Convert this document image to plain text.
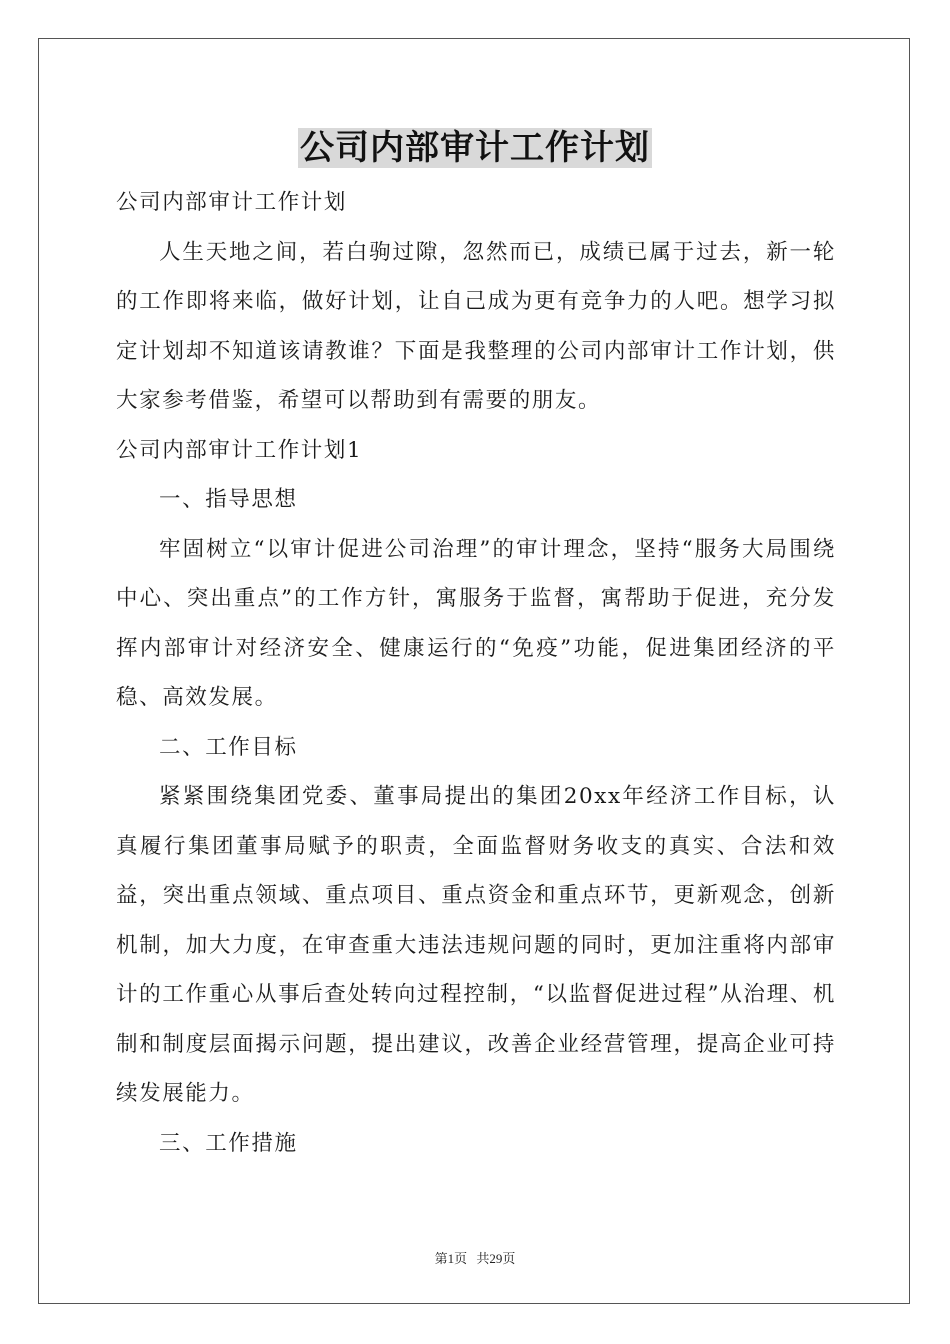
公司内部审计工作计划

公司内部审计工作计划

人生天地之间，若白驹过隙，忽然而已，成绩已属于过去，新一轮的工作即将来临，做好计划，让自己成为更有竞争力的人吧。想学习拟定计划却不知道该请教谁？下面是我整理的公司内部审计工作计划，供大家参考借鉴，希望可以帮助到有需要的朋友。

公司内部审计工作计划1

一、指导思想

牢固树立“以审计促进公司治理”的审计理念，坚持“服务大局围绕中心、突出重点”的工作方针，寓服务于监督，寓帮助于促进，充分发挥内部审计对经济安全、健康运行的“免疫”功能，促进集团经济的平稳、高效发展。

二、工作目标

紧紧围绕集团党委、董事局提出的集团20xx年经济工作目标，认真履行集团董事局赋予的职责，全面监督财务收支的真实、合法和效益，突出重点领域、重点项目、重点资金和重点环节，更新观念，创新机制，加大力度，在审查重大违法违规问题的同时，更加注重将内部审计的工作重心从事后查处转向过程控制，“以监督促进过程”从治理、机制和制度层面揭示问题，提出建议，改善企业经营管理，提高企业可持续发展能力。

三、工作措施

第1页 共29页
